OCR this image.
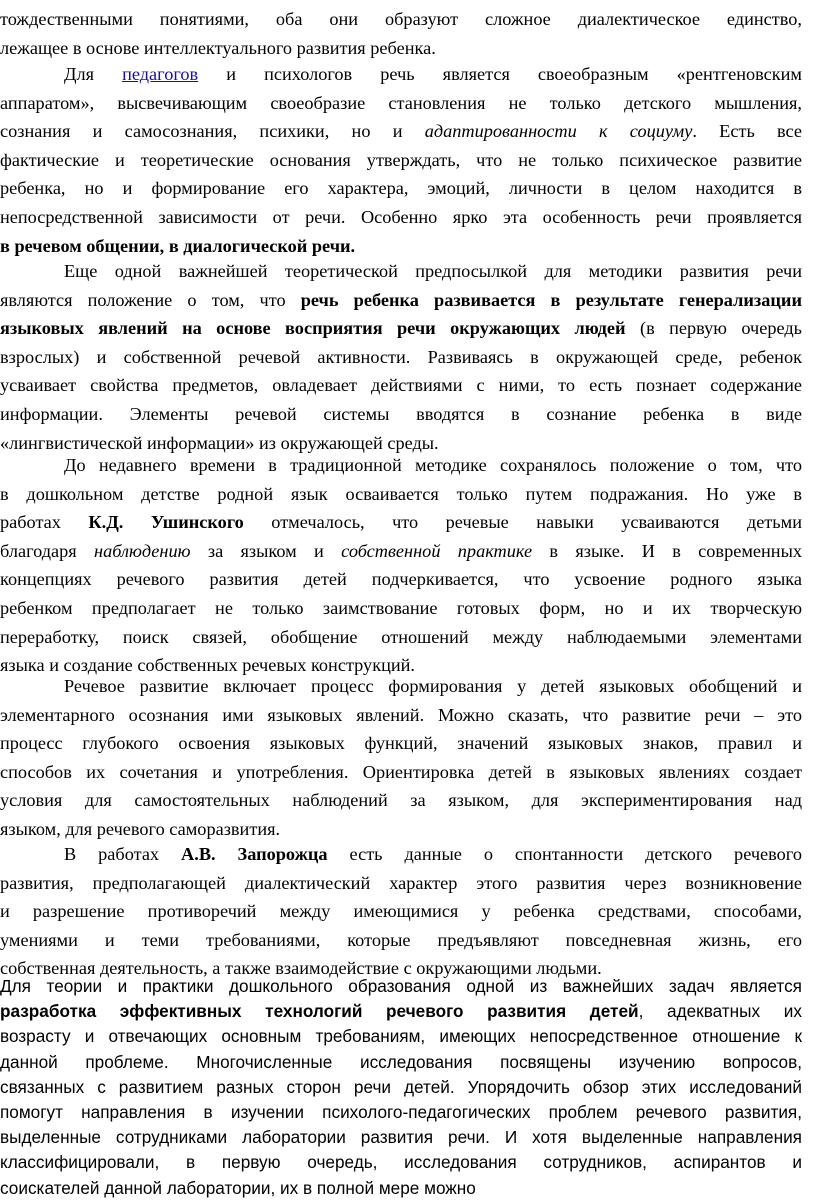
тождественными понятиями, оба они образуют сложное диалектическое единство,
лежащее в основе интеллектуального развития ребенка.
Для педагогов и психологов речь является своеобразным «рентгеновским
аппаратом», высвечивающим своеобразие становления не только детского мышления,
сознания и самосознания, психики, но и адаптированности к социуму. Есть все
фактические и теоретические основания утверждать, что не только психическое развитие
ребенка, но и формирование его характера, эмоций, личности в целом находится в
непосредственной зависимости от речи. Особенно ярко эта особенность речи проявляется
в речевом общении, в диалогической речи.
Еще одной важнейшей теоретической предпосылкой для методики развития речи
являются положение о том, что речь ребенка развивается в результате генерализации
языковых явлений на основе восприятия речи окружающих людей (в первую очередь
взрослых) и собственной речевой активности. Развиваясь в окружающей среде, ребенок
усваивает свойства предметов, овладевает действиями с ними, то есть познает содержание
информации. Элементы речевой системы вводятся в сознание ребенка в виде
«лингвистической информации» из окружающей среды.
До недавнего времени в традиционной методике сохранялось положение о том, что
в дошкольном детстве родной язык осваивается только путем подражания. Но уже в
работах К.Д. Ушинского отмечалось, что речевые навыки усваиваются детьми
благодаря наблюдению за языком и собственной практике в языке. И в современных
концепциях речевого развития детей подчеркивается, что усвоение родного языка
ребенком предполагает не только заимствование готовых форм, но и их творческую
переработку, поиск связей, обобщение отношений между наблюдаемыми элементами
языка и создание собственных речевых конструкций.
Речевое развитие включает процесс формирования у детей языковых обобщений и
элементарного осознания ими языковых явлений. Можно сказать, что развитие речи – это
процесс глубокого освоения языковых функций, значений языковых знаков, правил и
способов их сочетания и употребления. Ориентировка детей в языковых явлениях создает
условия для самостоятельных наблюдений за языком, для экспериментирования над
языком, для речевого саморазвития.
В работах А.В. Запорожца есть данные о спонтанности детского речевого
развития, предполагающей диалектический характер этого развития через возникновение
и разрешение противоречий между имеющимися у ребенка средствами, способами,
умениями и теми требованиями, которые предъявляют повседневная жизнь, его
собственная деятельность, а также взаимодействие с окружающими людьми.
Для теории и практики дошкольного образования одной из важнейших задач является
разработка эффективных технологий речевого развития детей, адекватных их
возрасту и отвечающих основным требованиям, имеющих непосредственное отношение к
данной проблеме. Многочисленные исследования посвящены изучению вопросов,
связанных с развитием разных сторон речи детей. Упорядочить обзор этих исследований
помогут направления в изучении психолого-педагогических проблем речевого развития,
выделенные сотрудниками лаборатории развития речи. И хотя выделенные направления
классифицировали, в первую очередь, исследования сотрудников, аспирантов и
соискателей данной лаборатории, их в полной мере можно
